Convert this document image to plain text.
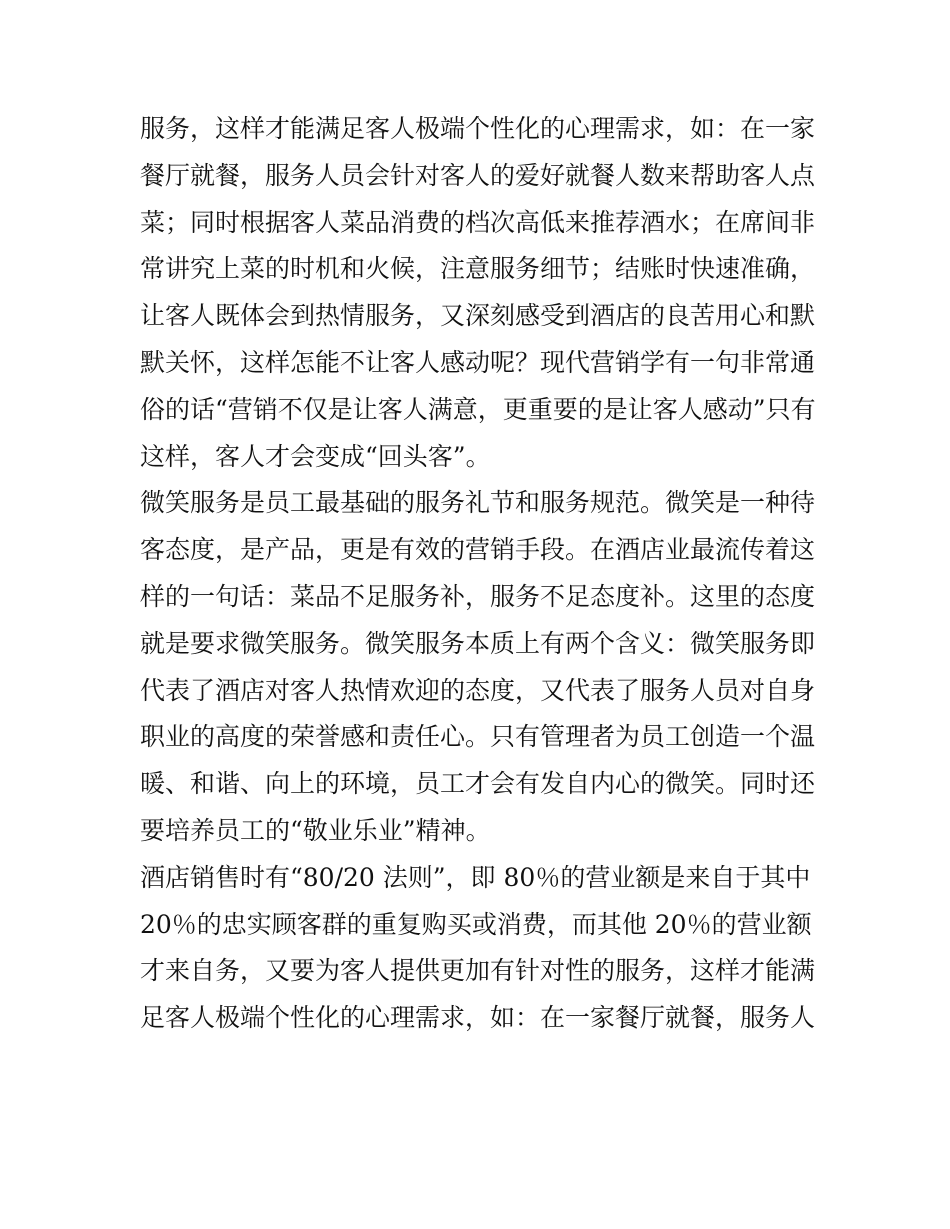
服务，这样才能满足客人极端个性化的心理需求，如：在一家
餐厅就餐，服务人员会针对客人的爱好就餐人数来帮助客人点
菜；同时根据客人菜品消费的档次高低来推荐酒水；在席间非
常讲究上菜的时机和火候，注意服务细节；结账时快速准确，
让客人既体会到热情服务，又深刻感受到酒店的良苦用心和默
默关怀，这样怎能不让客人感动呢？现代营销学有一句非常通
俗的话“营销不仅是让客人满意，更重要的是让客人感动”只有
这样，客人才会变成“回头客”。
微笑服务是员工最基础的服务礼节和服务规范。微笑是一种待
客态度，是产品，更是有效的营销手段。在酒店业最流传着这
样的一句话：菜品不足服务补，服务不足态度补。这里的态度
就是要求微笑服务。微笑服务本质上有两个含义：微笑服务即
代表了酒店对客人热情欢迎的态度，又代表了服务人员对自身
职业的高度的荣誉感和责任心。只有管理者为员工创造一个温
暖、和谐、向上的环境，员工才会有发自内心的微笑。同时还
要培养员工的“敬业乐业”精神。
酒店销售时有“80/20 法则”，即 80％的营业额是来自于其中
20％的忠实顾客群的重复购买或消费，而其他 20％的营业额
才来自务，又要为客人提供更加有针对性的服务，这样才能满
足客人极端个性化的心理需求，如：在一家餐厅就餐，服务人
